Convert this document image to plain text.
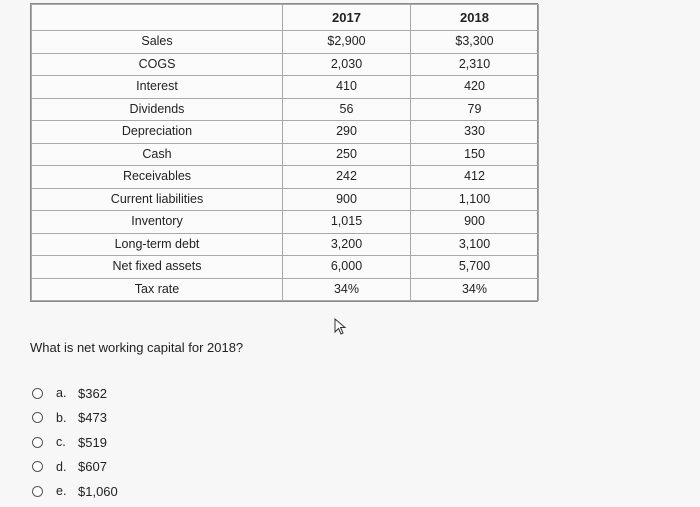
	2017	2018
Sales	$2,900	$3,300
COGS	2,030	2,310
Interest	410	420
Dividends	56	79
Depreciation	290	330
Cash	250	150
Receivables	242	412
Current liabilities	900	1,100
Inventory	1,015	900
Long-term debt	3,200	3,100
Net fixed assets	6,000	5,700
Tax rate	34%	34%
What is net working capital for 2018?
a. $362
b. $473
c. $519
d. $607
e. $1,060
